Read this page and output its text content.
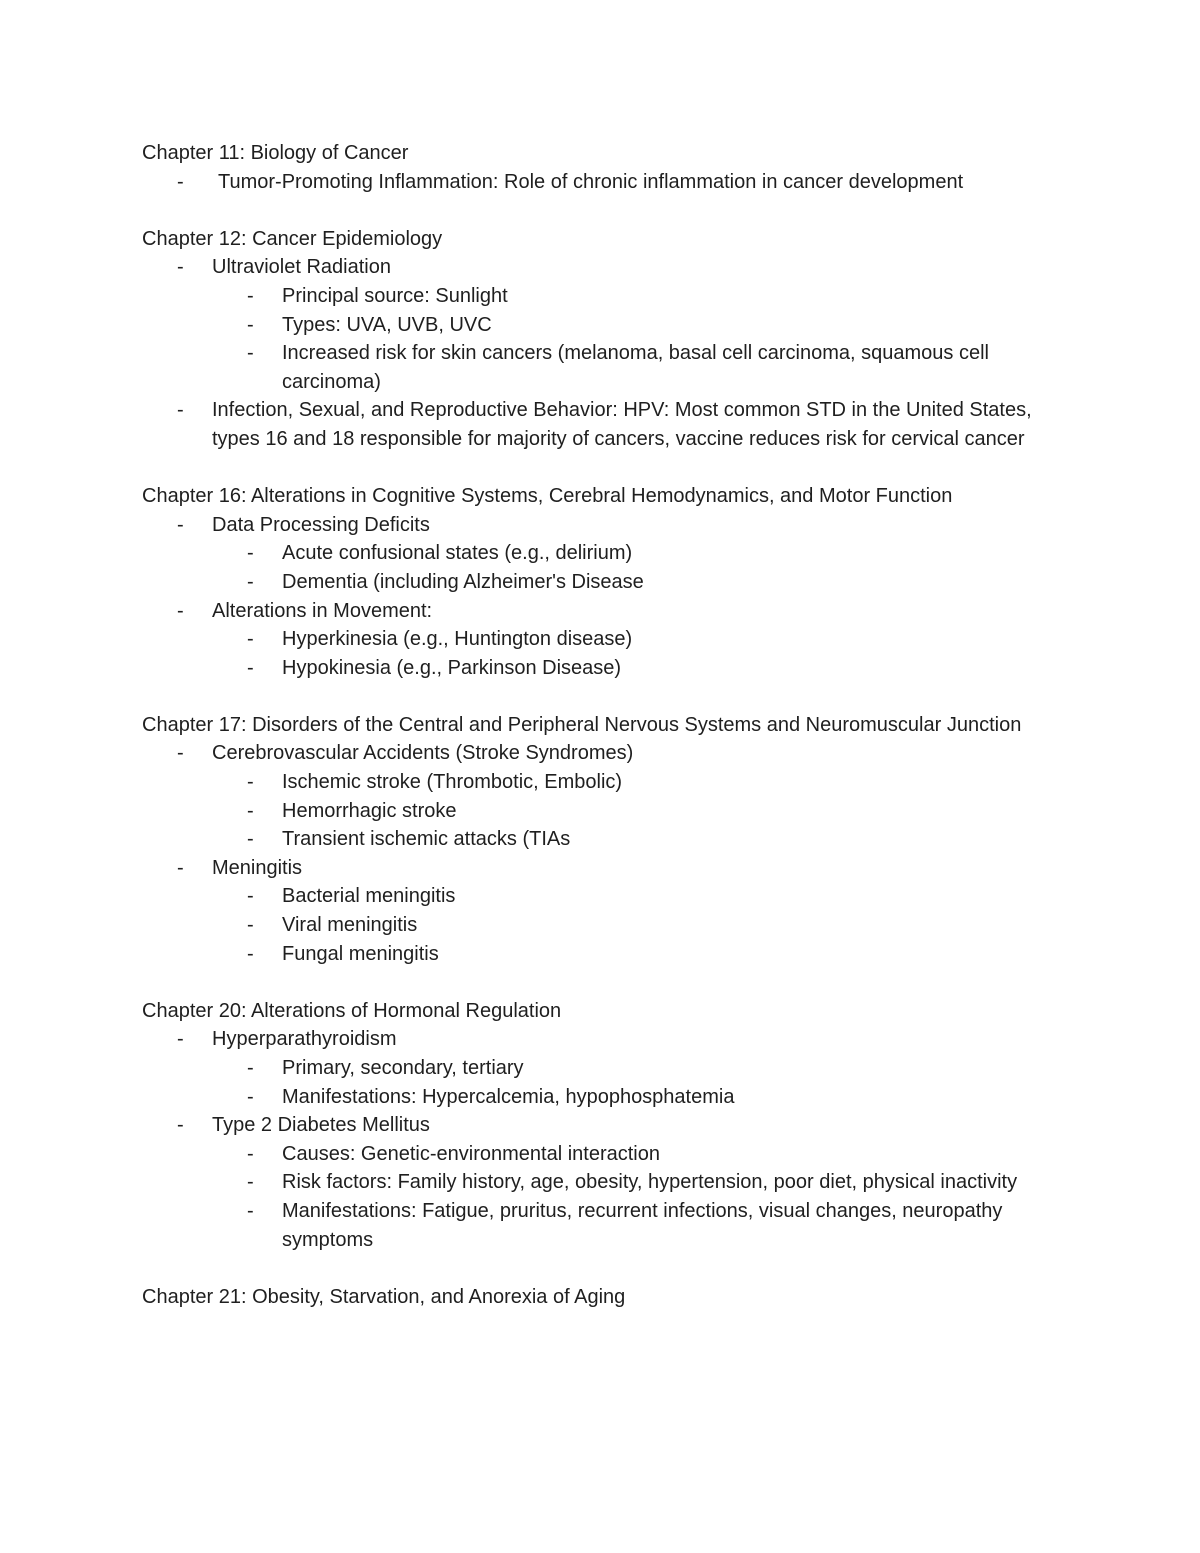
Chapter 11: Biology of Cancer
-	Tumor-Promoting Inflammation: Role of chronic inflammation in cancer development
Chapter 12: Cancer Epidemiology
-	Ultraviolet Radiation
-	Principal source: Sunlight
-	Types: UVA, UVB, UVC
-	Increased risk for skin cancers (melanoma, basal cell carcinoma, squamous cell carcinoma)
-	Infection, Sexual, and Reproductive Behavior: HPV: Most common STD in the United States, types 16 and 18 responsible for majority of cancers, vaccine reduces risk for cervical cancer
Chapter 16: Alterations in Cognitive Systems, Cerebral Hemodynamics, and Motor Function
-	Data Processing Deficits
-	Acute confusional states (e.g., delirium)
-	Dementia (including Alzheimer's Disease
-	Alterations in Movement:
-	Hyperkinesia (e.g., Huntington disease)
-	Hypokinesia (e.g., Parkinson Disease)
Chapter 17: Disorders of the Central and Peripheral Nervous Systems and Neuromuscular Junction
-	Cerebrovascular Accidents (Stroke Syndromes)
-	Ischemic stroke (Thrombotic, Embolic)
-	Hemorrhagic stroke
-	Transient ischemic attacks (TIAs
-	Meningitis
-	Bacterial meningitis
-	Viral meningitis
-	Fungal meningitis
Chapter 20: Alterations of Hormonal Regulation
-	Hyperparathyroidism
-	Primary, secondary, tertiary
-	Manifestations: Hypercalcemia, hypophosphatemia
-	Type 2 Diabetes Mellitus
-	Causes: Genetic-environmental interaction
-	Risk factors: Family history, age, obesity, hypertension, poor diet, physical inactivity
-	Manifestations: Fatigue, pruritus, recurrent infections, visual changes, neuropathy symptoms
Chapter 21: Obesity, Starvation, and Anorexia of Aging
